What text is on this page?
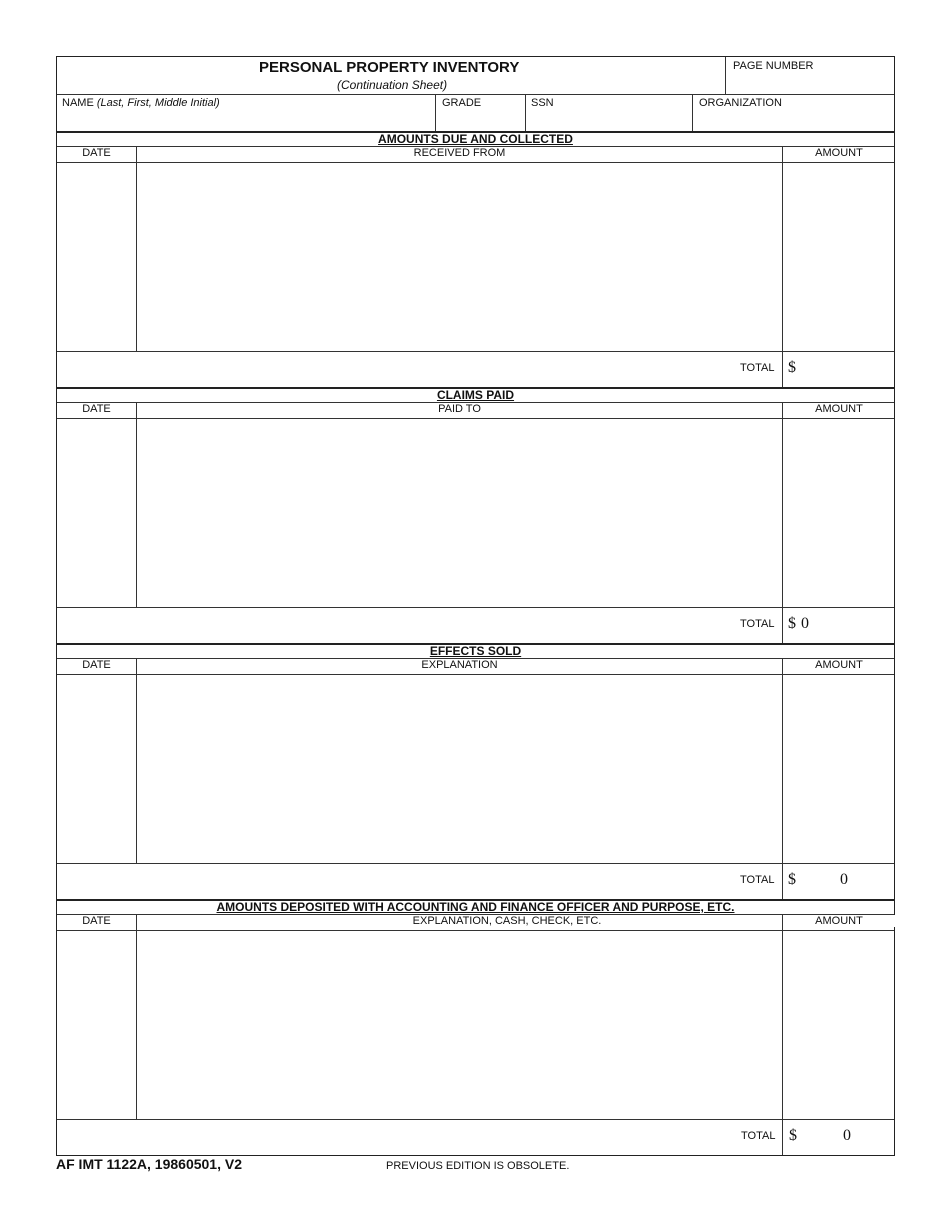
PERSONAL PROPERTY INVENTORY
(Continuation Sheet)
PAGE NUMBER
NAME (Last, First, Middle Initial)	GRADE	SSN	ORGANIZATION
AMOUNTS DUE AND COLLECTED
DATE	RECEIVED FROM	AMOUNT
TOTAL $
CLAIMS PAID
DATE	PAID TO	AMOUNT
TOTAL $ 0
EFFECTS SOLD
DATE	EXPLANATION	AMOUNT
TOTAL $	0
AMOUNTS DEPOSITED WITH ACCOUNTING AND FINANCE OFFICER AND PURPOSE, ETC.
DATE	EXPLANATION, CASH, CHECK, ETC.	AMOUNT
TOTAL $	0
AF IMT 1122A, 19860501, V2	PREVIOUS EDITION IS OBSOLETE.
